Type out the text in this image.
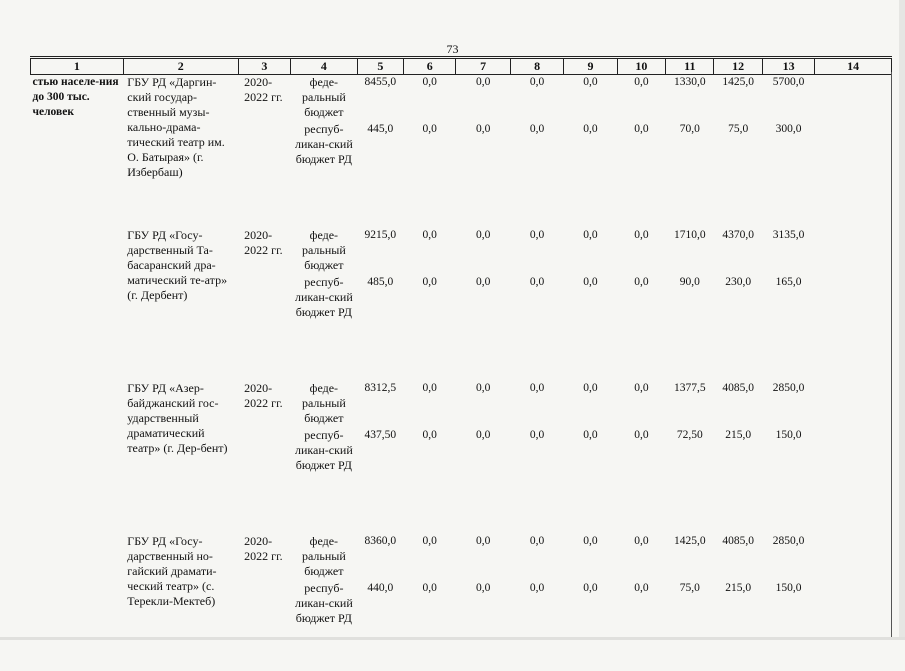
73
1	2	3	4	5	6	7	8	9	10	11	12	13	14
стью населе-ния до 300 тыс. человек	ГБУ РД «Даргин-ский государ-ственный музы-кально-драма-тический театр им. О. Батырая» (г. Избербаш)	2020-2022 гг.	феде-ральный бюджет	8455,0	0,0	0,0	0,0	0,0	0,0	1330,0	1425,0	5700,0	
			респуб-ликан-ский бюджет РД	445,0	0,0	0,0	0,0	0,0	0,0	70,0	75,0	300,0	
	ГБУ РД «Госу-дарственный Та-басаранский дра-матический те-атр» (г. Дербент)	2020-2022 гг.	феде-ральный бюджет	9215,0	0,0	0,0	0,0	0,0	0,0	1710,0	4370,0	3135,0	
			респуб-ликан-ский бюджет РД	485,0	0,0	0,0	0,0	0,0	0,0	90,0	230,0	165,0	
	ГБУ РД «Азер-байджанский гос-ударственный драматический театр» (г. Дер-бент)	2020-2022 гг.	феде-ральный бюджет	8312,5	0,0	0,0	0,0	0,0	0,0	1377,5	4085,0	2850,0	
			респуб-ликан-ский бюджет РД	437,50	0,0	0,0	0,0	0,0	0,0	72,50	215,0	150,0	
	ГБУ РД «Госу-дарственный но-гайский драмати-ческий театр» (с. Терекли-Мектеб)	2020-2022 гг.	феде-ральный бюджет	8360,0	0,0	0,0	0,0	0,0	0,0	1425,0	4085,0	2850,0	
			респуб-ликан-ский бюджет РД	440,0	0,0	0,0	0,0	0,0	0,0	75,0	215,0	150,0	
